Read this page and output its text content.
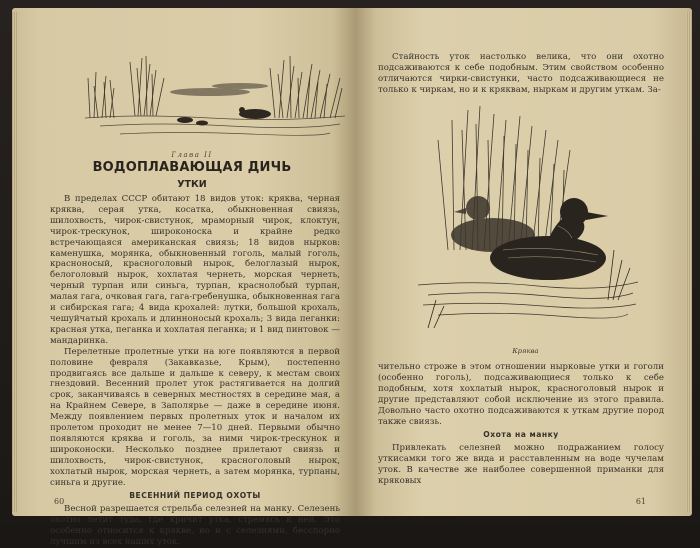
Глава II
ВОДОПЛАВАЮЩАЯ ДИЧЬ
УТКИ

В пределах СССР обитают 18 видов уток: кряква, черная кряква, серая утка, косатка, обыкновенная свиязь, шилохвость, чирок-свистунок, мраморный чирок, клоктун, чирок-трескунок, широконоска и крайне редко встречающаяся американская свиязь; 18 видов нырков: каменушка, морянка, обыкновенный гоголь, малый гоголь, красноносый, красноголовый нырок, белоглазый нырок, белоголовый нырок, хохлатая чернеть, морская чернеть, черный турпан или синьга, турпан, краснолобый турпан, малая гага, очковая гага, гага-гребенушка, обыкновенная гага и сибирская гага; 4 вида крохалей: лутки, большой крохаль, чешуйчатый крохаль и длинноносый крохаль; 3 вида пеганки: красная утка, пеганка и хохлатая пеганка; и 1 вид пинтовок — мандаринка.

Перелетные пролетные утки на юге появляются в первой половине февраля (Закавказье, Крым), постепенно продвигаясь все дальше и дальше к северу, к местам своих гнездовий. Весенний пролет уток растягивается на долгий срок, заканчиваясь в северных местностях в середине мая, а на Крайнем Севере, в Заполярье — даже в середине июня. Между появлением первых пролетных уток и началом их пролетом проходит не менее 7—10 дней. Первыми обычно появляются кряква и гоголь, за ними чирок-трескунок и широконоски. Несколько позднее прилетают свиязь и шилохвость, чирок-свистунок, красноголовый нырок, хохлатый нырок, морская чернеть, а затем морянка, турпаны, синьга и другие.

ВЕСЕННИЙ ПЕРИОД ОХОТЫ

Весной разрешается стрельба селезней на манку. Селезень охотно летит туда, где кричит утка, стремясь к ней. Это особенно относится к крякве, но и с селезнями, бесспорно лучшим из всех наших уток.

60

Стайность уток настолько велика, что они охотно подсаживаются к себе подобным. Этим свойством особенно отличаются чирки-свистунки, часто подсаживающиеся не только к чиркам, но и к кряквам, ныркам и другим уткам. За-

Кряква

чительно строже в этом отношении нырковые утки и гоголи (особенно гоголь), подсаживающиеся только к себе подобным, хотя хохлатый нырок, красноголовый нырок и другие представляют собой исключение из этого правила. Довольно часто охотно подсаживаются к уткам другие пород также свиязь.

Охота на манку

Привлекать селезней можно подражанием голосу уткисамки того же вида и расставленным на воде чучелам уток. В качестве же наиболее совершенной приманки для кряковых

61
